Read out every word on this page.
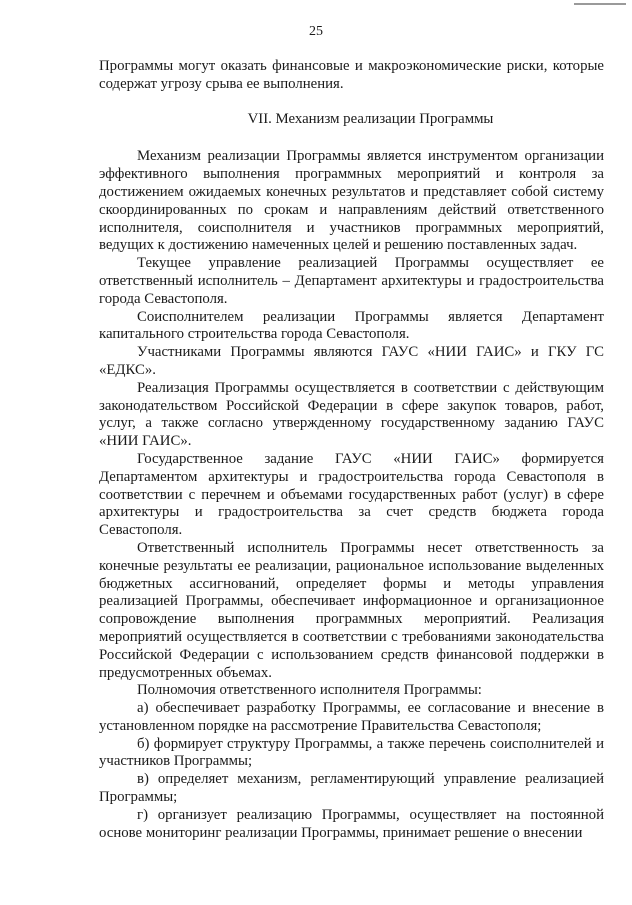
25

Программы могут оказать финансовые и макроэкономические риски, которые содержат угрозу срыва ее выполнения.

VII. Механизм реализации Программы

Механизм реализации Программы является инструментом организации эффективного выполнения программных мероприятий и контроля за достижением ожидаемых конечных результатов и представляет собой систему скоординированных по срокам и направлениям действий ответственного исполнителя, соисполнителя и участников программных мероприятий, ведущих к достижению намеченных целей и решению поставленных задач.

Текущее управление реализацией Программы осуществляет ее ответственный исполнитель – Департамент архитектуры и градостроительства города Севастополя.

Соисполнителем реализации Программы является Департамент капитального строительства города Севастополя.

Участниками Программы являются ГАУС «НИИ ГАИС» и ГКУ ГС «ЕДКС».

Реализация Программы осуществляется в соответствии с действующим законодательством Российской Федерации в сфере закупок товаров, работ, услуг, а также согласно утвержденному государственному заданию ГАУС «НИИ ГАИС».

Государственное задание ГАУС «НИИ ГАИС» формируется Департаментом архитектуры и градостроительства города Севастополя в соответствии с перечнем и объемами государственных работ (услуг) в сфере архитектуры и градостроительства за счет средств бюджета города Севастополя.

Ответственный исполнитель Программы несет ответственность за конечные результаты ее реализации, рациональное использование выделенных бюджетных ассигнований, определяет формы и методы управления реализацией Программы, обеспечивает информационное и организационное сопровождение выполнения программных мероприятий. Реализация мероприятий осуществляется в соответствии с требованиями законодательства Российской Федерации с использованием средств финансовой поддержки в предусмотренных объемах.

Полномочия ответственного исполнителя Программы:

а) обеспечивает разработку Программы, ее согласование и внесение в установленном порядке на рассмотрение Правительства Севастополя;

б) формирует структуру Программы, а также перечень соисполнителей и участников Программы;

в) определяет механизм, регламентирующий управление реализацией Программы;

г) организует реализацию Программы, осуществляет на постоянной основе мониторинг реализации Программы, принимает решение о внесении
